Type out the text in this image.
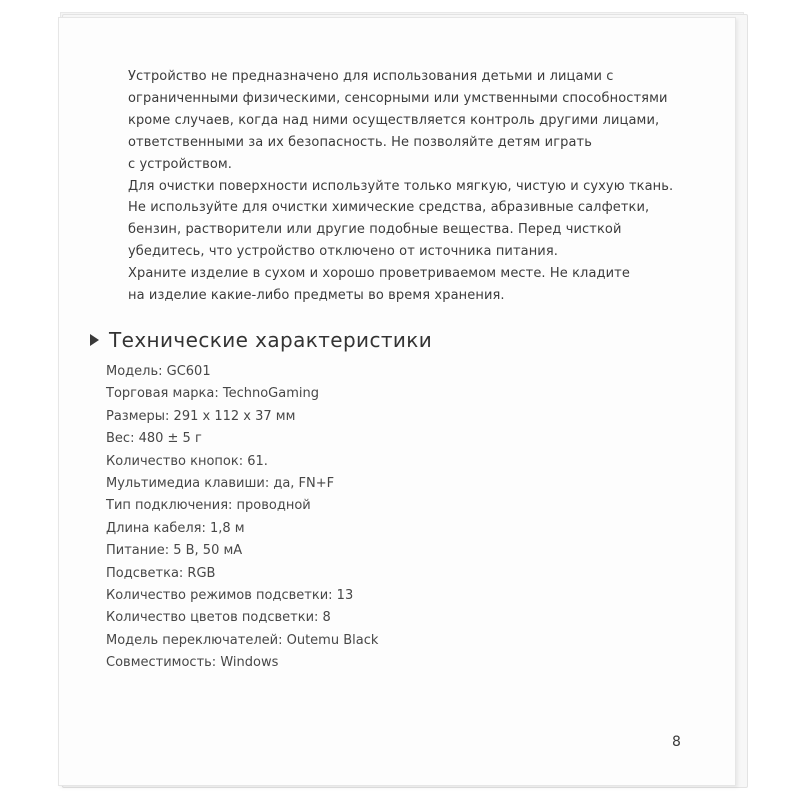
Устройство не предназначено для использования детьми и лицами с
ограниченными физическими, сенсорными или умственными способностями
кроме случаев, когда над ними осуществляется контроль другими лицами,
ответственными за их безопасность. Не позволяйте детям играть
с устройством.
Для очистки поверхности используйте только мягкую, чистую и сухую ткань.
Не используйте для очистки химические средства, абразивные салфетки,
бензин, растворители или другие подобные вещества. Перед чисткой
убедитесь, что устройство отключено от источника питания.
Храните изделие в сухом и хорошо проветриваемом месте. Не кладите
на изделие какие-либо предметы во время хранения.
Технические характеристики
Модель: GC601
Торговая марка: TechnoGaming
Размеры: 291 x 112 x 37 мм
Вес: 480 ± 5 г
Количество кнопок: 61.
Мультимедиа клавиши: да, FN+F
Тип подключения: проводной
Длина кабеля: 1,8 м
Питание: 5 В, 50 мА
Подсветка: RGB
Количество режимов подсветки: 13
Количество цветов подсветки: 8
Модель переключателей: Outemu Black
Совместимость: Windows
8
